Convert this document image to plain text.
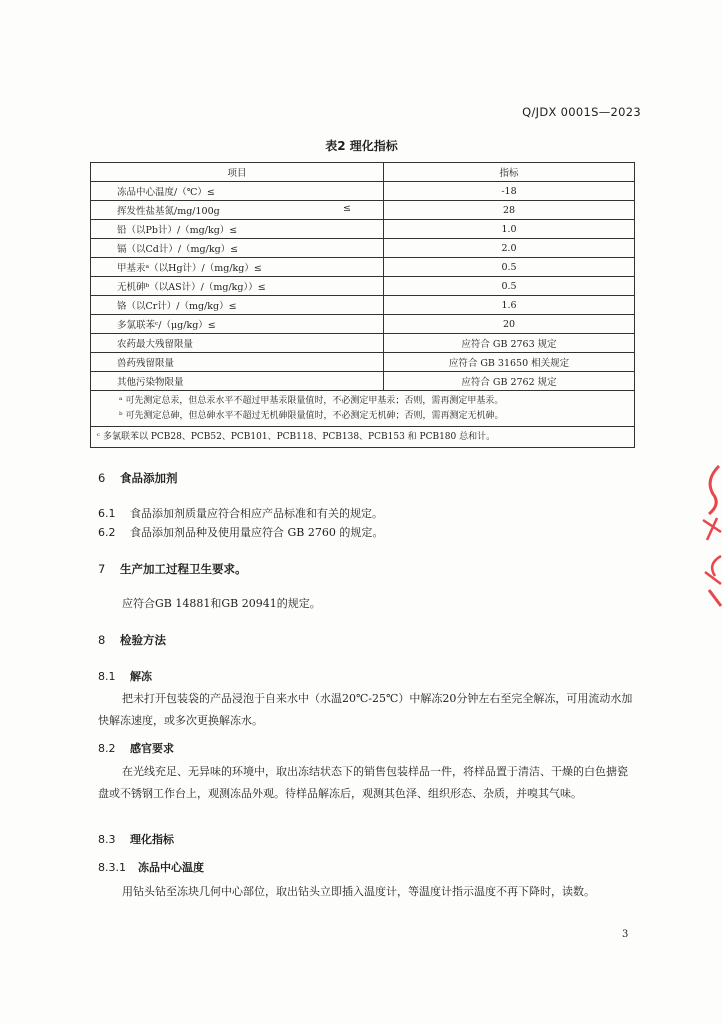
Q/JDX 0001S—2023
表2 理化指标
项目	指标
冻品中心温度/（℃）≤	-18
挥发性盐基氮/mg/100g ≤	28
铅（以Pb计）/（mg/kg）≤	1.0
镉（以Cd计）/（mg/kg）≤	2.0
甲基汞ᵃ（以Hg计）/（mg/kg）≤	0.5
无机砷ᵇ（以AS计）/（mg/kg））≤	0.5
铬（以Cr计）/（mg/kg）≤	1.6
多氯联苯ᶜ/（μg/kg）≤	20
农药最大残留限量	应符合 GB 2763 规定
兽药残留限量	应符合 GB 31650 相关规定
其他污染物限量	应符合 GB 2762 规定

ᵃ 可先测定总汞，但总汞水平不超过甲基汞限量值时，不必测定甲基汞；否则，需再测定甲基汞。
ᵇ 可先测定总砷，但总砷水平不超过无机砷限量值时，不必测定无机砷；否则，需再测定无机砷。	

ᶜ 多氯联苯以 PCB28、PCB52、PCB101、PCB118、PCB138、PCB153 和 PCB180 总和计。	
6 食品添加剂
6.1 食品添加剂质量应符合相应产品标准和有关的规定。
6.2 食品添加剂品种及使用量应符合 GB 2760 的规定。
7 生产加工过程卫生要求。
应符合GB 14881和GB 20941的规定。
8 检验方法
8.1 解冻
把未打开包装袋的产品浸泡于自来水中（水温20℃-25℃）中解冻20分钟左右至完全解冻，可用流动水加快解冻速度，或多次更换解冻水。
8.2 感官要求
在光线充足、无异味的环境中，取出冻结状态下的销售包装样品一件，将样品置于清洁、干燥的白色搪瓷盘或不锈钢工作台上，观测冻品外观。待样品解冻后，观测其色泽、组织形态、杂质，并嗅其气味。
8.3 理化指标
8.3.1 冻品中心温度
用钻头钻至冻块几何中心部位，取出钻头立即插入温度计，等温度计指示温度不再下降时，读数。
3
